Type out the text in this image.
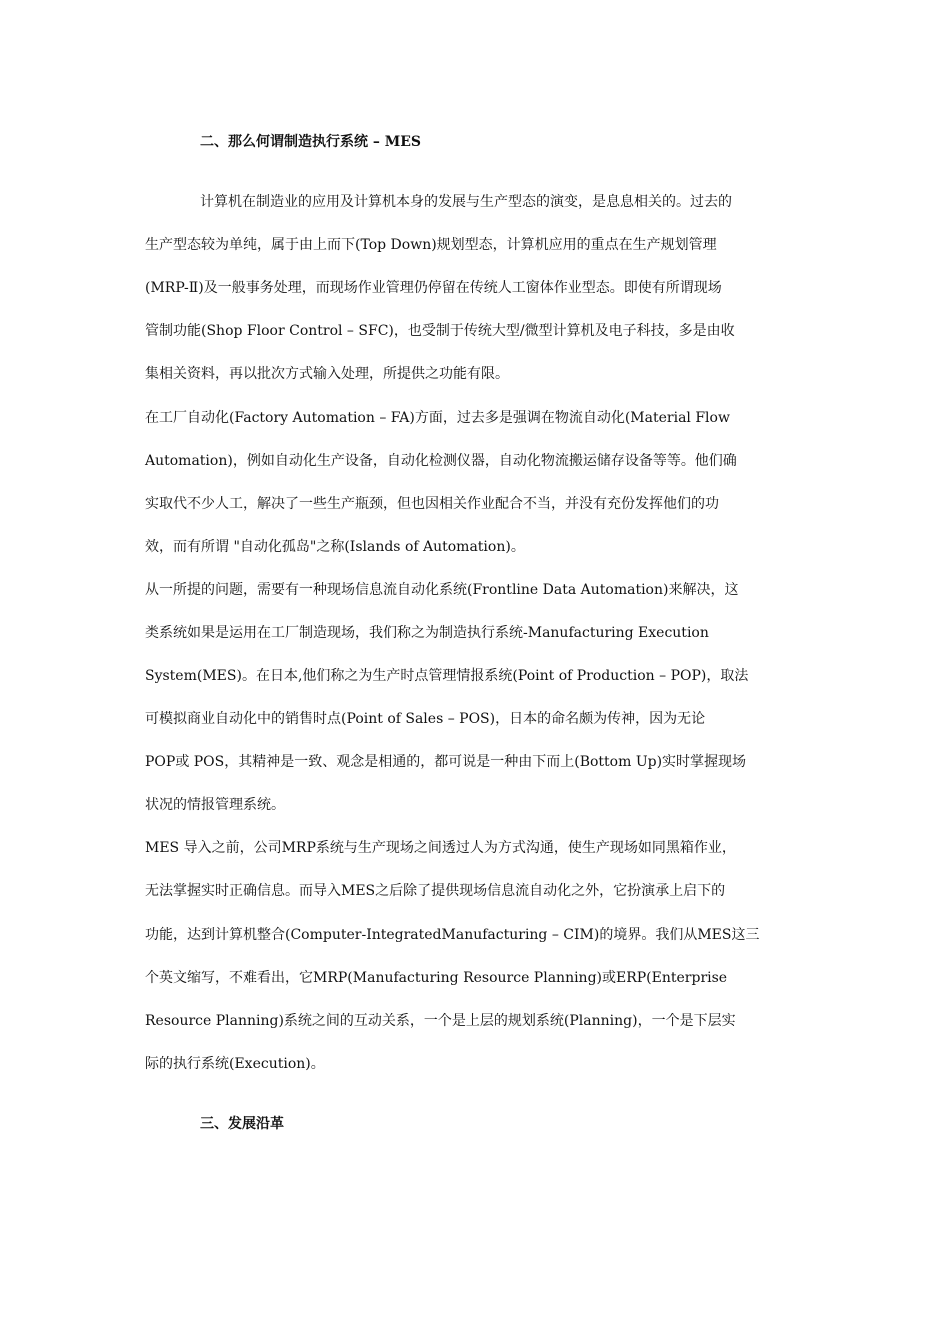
二、那么何谓制造执行系统 – MES
计算机在制造业的应用及计算机本身的发展与生产型态的演变，是息息相关的。过去的
生产型态较为单纯，属于由上而下(Top Down)规划型态，计算机应用的重点在生产规划管理
(MRP-Ⅱ)及一般事务处理，而现场作业管理仍停留在传统人工窗体作业型态。即使有所谓现场
管制功能(Shop Floor Control – SFC)，也受制于传统大型/微型计算机及电子科技，多是由收
集相关资料，再以批次方式输入处理，所提供之功能有限。
在工厂自动化(Factory Automation – FA)方面，过去多是强调在物流自动化(Material Flow
Automation)，例如自动化生产设备，自动化检测仪器，自动化物流搬运储存设备等等。他们确
实取代不少人工，解决了一些生产瓶颈，但也因相关作业配合不当，并没有充份发挥他们的功
效，而有所谓 "自动化孤岛"之称(Islands of Automation)。
从一所提的问题，需要有一种现场信息流自动化系统(Frontline Data Automation)来解决，这
类系统如果是运用在工厂制造现场，我们称之为制造执行系统-Manufacturing Execution
System(MES)。在日本,他们称之为生产时点管理情报系统(Point of Production – POP)，取法
可模拟商业自动化中的销售时点(Point of Sales – POS)，日本的命名颇为传神，因为无论
POP或 POS，其精神是一致、观念是相通的，都可说是一种由下而上(Bottom Up)实时掌握现场
状况的情报管理系统。
MES 导入之前，公司MRP系统与生产现场之间透过人为方式沟通，使生产现场如同黑箱作业，
无法掌握实时正确信息。而导入MES之后除了提供现场信息流自动化之外，它扮演承上启下的
功能，达到计算机整合(Computer-IntegratedManufacturing – CIM)的境界。我们从MES这三
个英文缩写，不难看出，它MRP(Manufacturing Resource Planning)或ERP(Enterprise
Resource Planning)系统之间的互动关系，一个是上层的规划系统(Planning)，一个是下层实
际的执行系统(Execution)。
三、发展沿革
